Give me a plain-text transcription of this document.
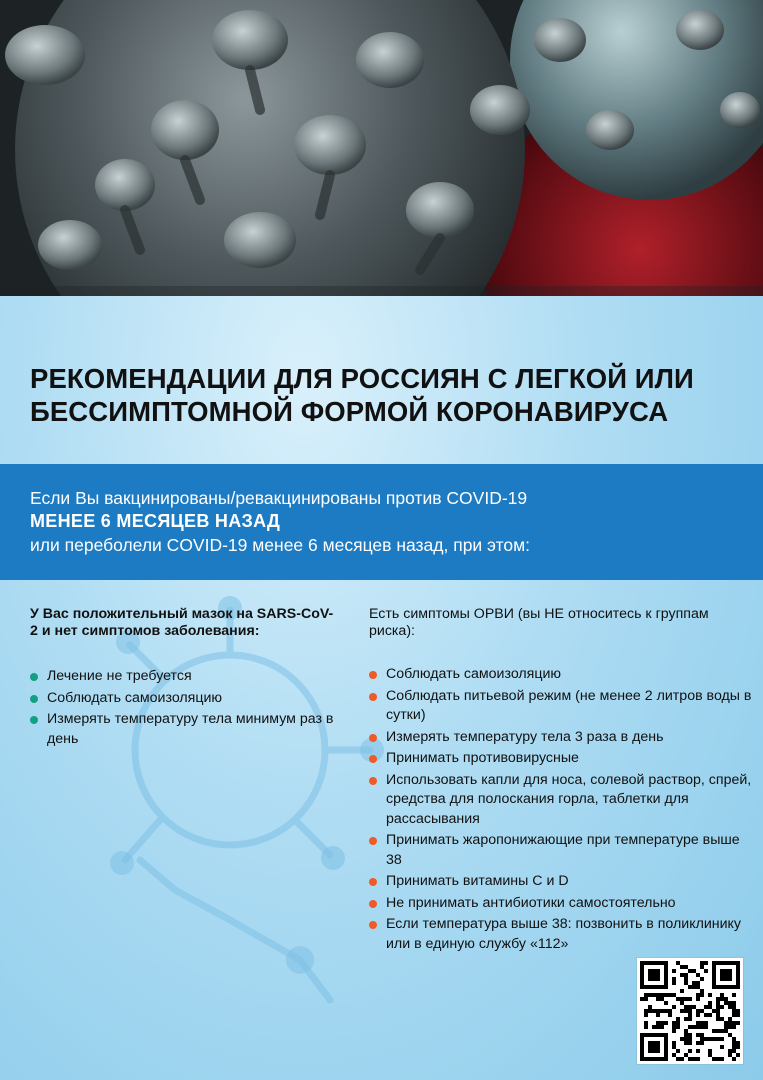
РЕКОМЕНДАЦИИ ДЛЯ РОССИЯН С ЛЕГКОЙ ИЛИ
БЕССИМПТОМНОЙ ФОРМОЙ КОРОНАВИРУСА
Если Вы вакцинированы/ревакцинированы против COVID-19
МЕНЕЕ 6 МЕСЯЦЕВ НАЗАД
или переболели COVID-19 менее 6 месяцев назад, при этом:
У Вас положительный мазок на SARS-CoV-2 и нет симптомов заболевания:
Лечение не требуется
Соблюдать самоизоляцию
Измерять температуру тела минимум раз в день
Есть симптомы ОРВИ (вы НЕ относитесь к группам риска):
Соблюдать самоизоляцию
Соблюдать питьевой режим (не менее 2 литров воды в сутки)
Измерять температуру тела 3 раза в день
Принимать противовирусные
Использовать капли для носа, солевой раствор, спрей, средства для полоскания горла, таблетки для рассасывания
Принимать жаропонижающие при температуре выше 38
Принимать витамины С и D
Не принимать антибиотики самостоятельно
Если температура выше 38: позвонить в поликлинику или в единую службу «112»
